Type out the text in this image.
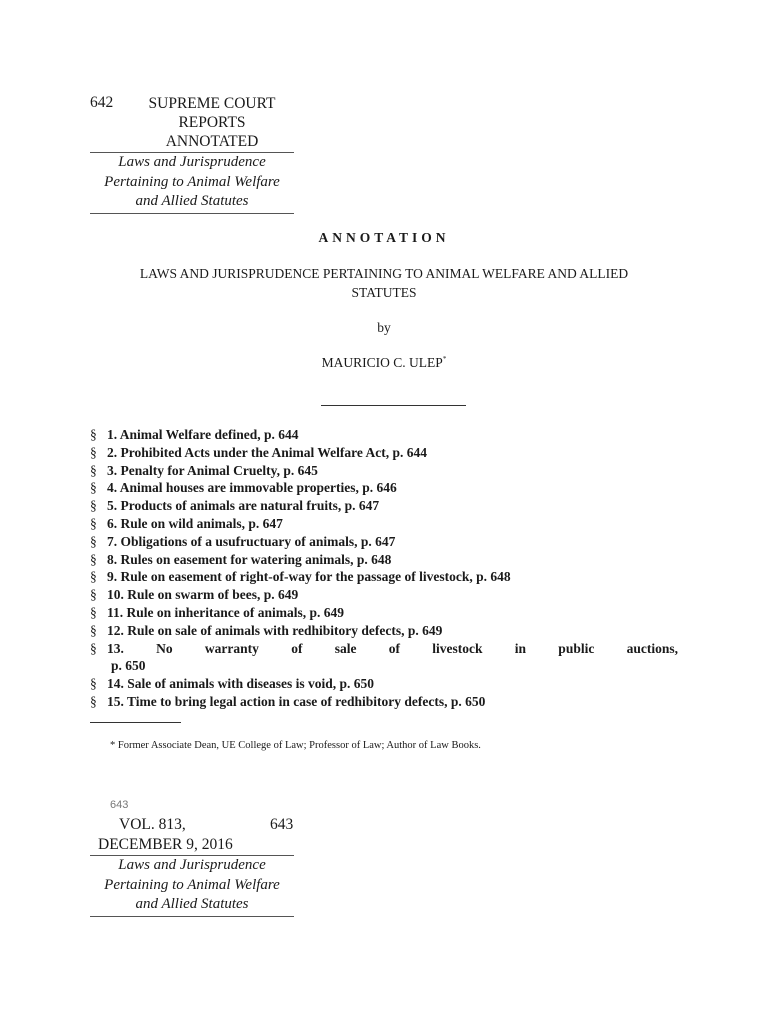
642 SUPREME COURT
REPORTS
ANNOTATED
Laws and Jurisprudence
Pertaining to Animal Welfare
and Allied Statutes
ANNOTATION
LAWS AND JURISPRUDENCE PERTAINING TO ANIMAL WELFARE AND ALLIED
STATUTES
by
MAURICIO C. ULEP*
§ 1. Animal Welfare defined, p. 644
§ 2. Prohibited Acts under the Animal Welfare Act, p. 644
§ 3. Penalty for Animal Cruelty, p. 645
§ 4. Animal houses are immovable properties, p. 646
§ 5. Products of animals are natural fruits, p. 647
§ 6. Rule on wild animals, p. 647
§ 7. Obligations of a usufructuary of animals, p. 647
§ 8. Rules on easement for watering animals, p. 648
§ 9. Rule on easement of right-of-way for the passage of livestock, p. 648
§ 10. Rule on swarm of bees, p. 649
§ 11. Rule on inheritance of animals, p. 649
§ 12. Rule on sale of animals with redhibitory defects, p. 649
§ 13. No warranty of sale of livestock in public auctions,
p. 650
§ 14. Sale of animals with diseases is void, p. 650
§ 15. Time to bring legal action in case of redhibitory defects, p. 650
* Former Associate Dean, UE College of Law; Professor of Law; Author of Law Books.
643
VOL. 813,	643
DECEMBER 9, 2016
Laws and Jurisprudence
Pertaining to Animal Welfare
and Allied Statutes
